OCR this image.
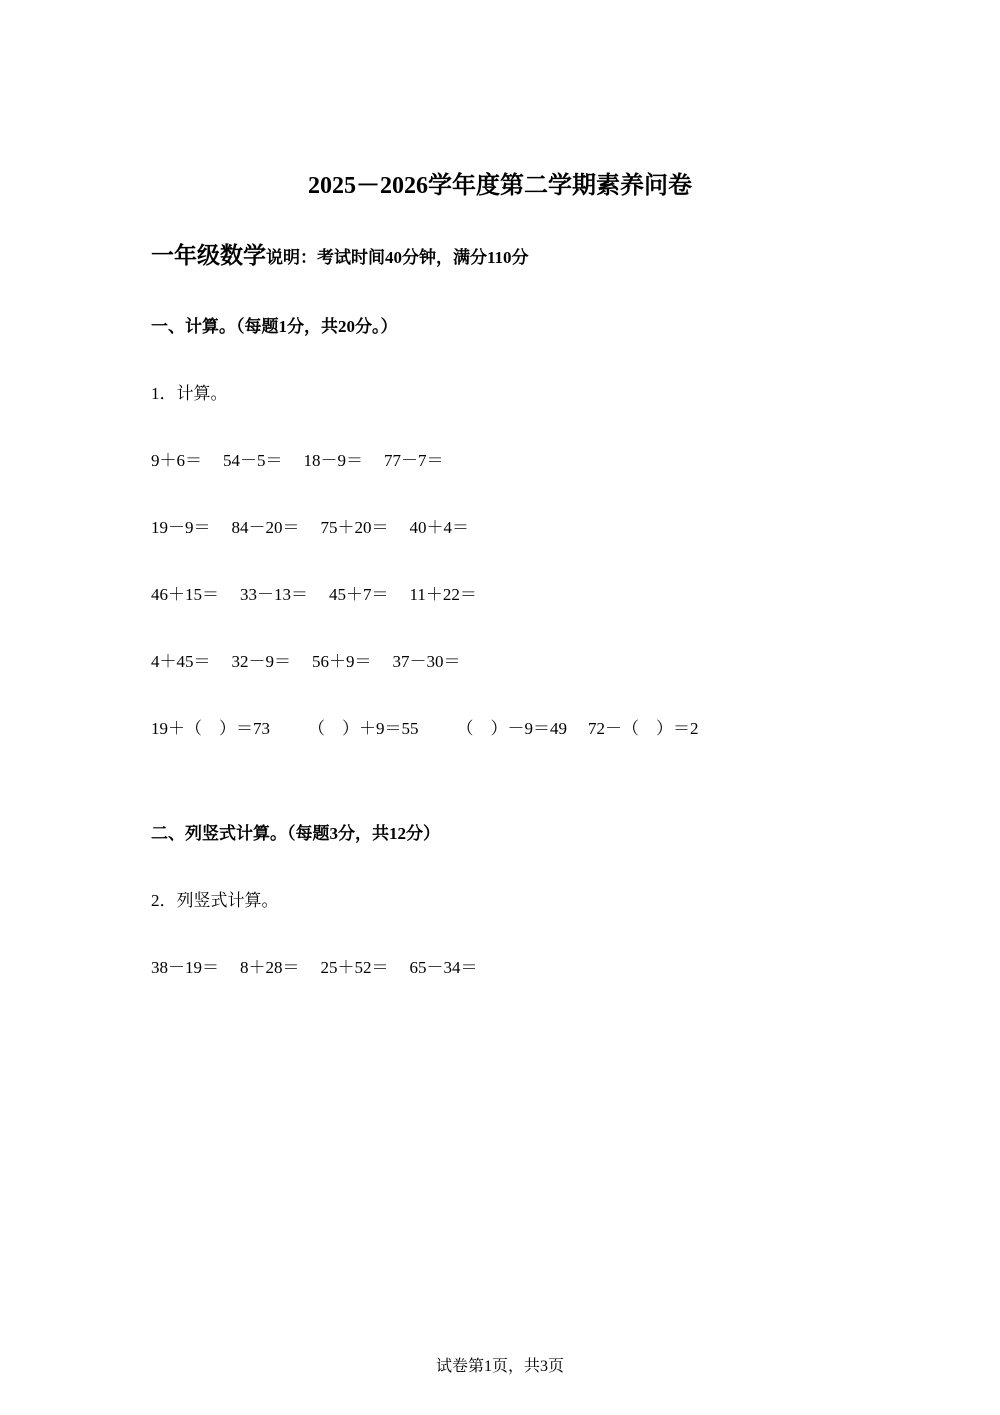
2025－2026学年度第二学期素养问卷
一年级数学说明：考试时间40分钟，满分110分
一、计算。（每题1分，共20分。）
1．计算。
9＋6＝ 54－5＝ 18－9＝ 77－7＝
19－9＝ 84－20＝ 75＋20＝ 40＋4＝
46＋15＝ 33－13＝ 45＋7＝ 11＋22＝
4＋45＝ 32－9＝ 56＋9＝ 37－30＝
19＋（　）＝73　 （　）＋9＝55　 （　）－9＝49 72－（　）＝2
二、列竖式计算。（每题3分，共12分）
2．列竖式计算。
38－19＝ 8＋28＝ 25＋52＝ 65－34＝
试卷第1页，共3页
